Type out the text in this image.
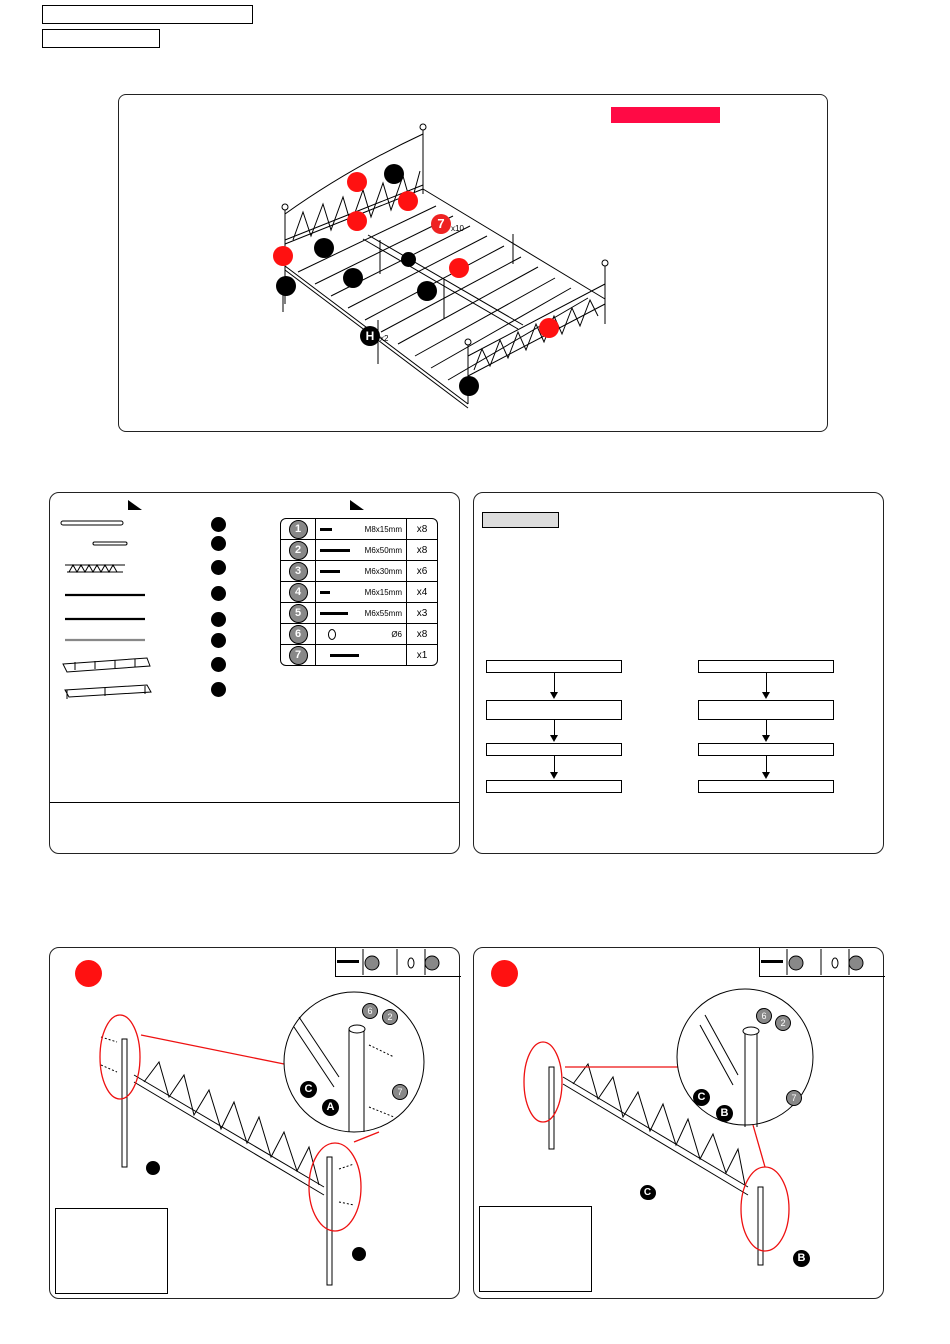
7 x10
H x2
1	M8x15mm	x8

2	M6x50mm	x8

3	M6x30mm	x6

4	M6x15mm	x4

5	M6x55mm	x3

6	Ø6	x8

7		x1
6
2
7
C
A
6
2
7
C
B
C
B
